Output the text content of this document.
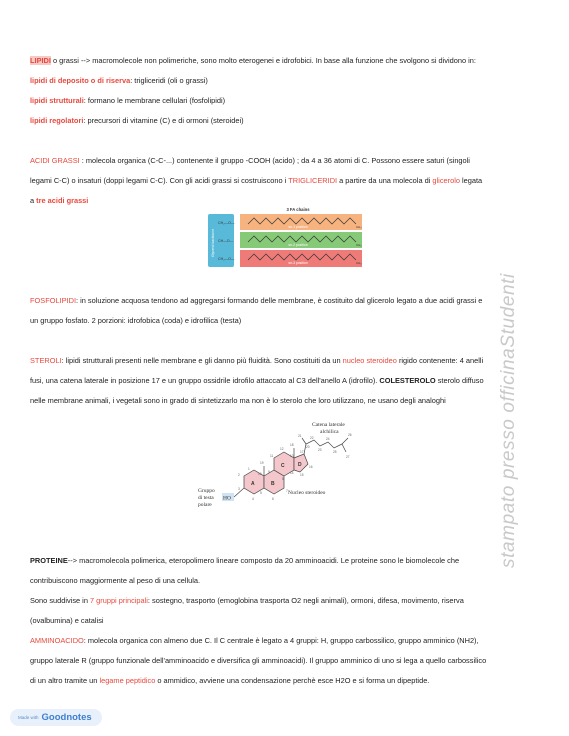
LIPIDI o grassi --> macromolecole non polimeriche, sono molto eterogenei e idrofobici. In base alla funzione che svolgono si dividono in:
lipidi di deposito o di riserva: trigliceridi (oli o grassi)
lipidi strutturali: formano le membrane cellulari (fosfolipidi)
lipidi regolatori: precursori di vitamine (C) e di ormoni (steroidei)
ACIDI GRASSI : molecola organica (C-C-...) contenente il gruppo -COOH (acido) ; da 4 a 36 atomi di C. Possono essere saturi (singoli
legami C-C) o insaturi (doppi legami C-C). Con gli acidi grassi si costruiscono i TRIGLICERIDI a partire da una molecola di glicerolo legata
a tre acidi grassi
3 FA chains
Glycerol backbone
CH₂—O—
CH—O—
CH₂—O—
sn-1 position
sn-2 position
sn-3 position
CH₃
CH₃
CH₃
FOSFOLIPIDI: in soluzione acquosa tendono ad aggregarsi formando delle membrane, è costituito dal glicerolo legato a due acidi grassi e
un gruppo fosfato. 2 porzioni: idrofobica (coda) e idrofilica (testa)
STEROLI: lipidi strutturali presenti nelle membrane e gli danno più fluidità. Sono costituiti da un nucleo steroideo rigido contenente: 4 anelli
fusi, una catena laterale in posizione 17 e un gruppo ossidrile idrofilo attaccato al C3 dell'anello A (idrofilo). COLESTEROLO sterolo diffuso
nelle membrane animali, i vegetali sono in grado di sintetizzarlo ma non è lo sterolo che loro utilizzano, ne usano degli analoghi
Catena laterale
alchilica
Gruppo
di testa
polare
Nucleo steroideo
HO
A	B
C	D
17
21	22
23
24
25
26
27
18
19
20
12
13
14 15
16
11
9
8
10
1
2
3
4
5
6
7
PROTEINE--> macromolecola polimerica, eteropolimero lineare composto da 20 amminoacidi. Le proteine sono le biomolecole che
contribuiscono maggiormente al peso di una cellula.
Sono suddivise in 7 gruppi principali: sostegno, trasporto (emoglobina trasporta O2 negli animali), ormoni, difesa, movimento, riserva
(ovalbumina) e catalisi
AMMINOACIDO: molecola organica con almeno due C. Il C centrale è legato a 4 gruppi: H, gruppo carbossilico, gruppo amminico (NH2),
gruppo laterale R (gruppo funzionale dell'amminoacido e diversifica gli amminoacidi). Il gruppo amminico di uno si lega a quello carbossilico
di un altro tramite un legame peptidico o ammidico, avviene una condensazione perchè esce H2O e si forma un dipeptide.
stampato presso officinaStudenti
Made with Goodnotes
